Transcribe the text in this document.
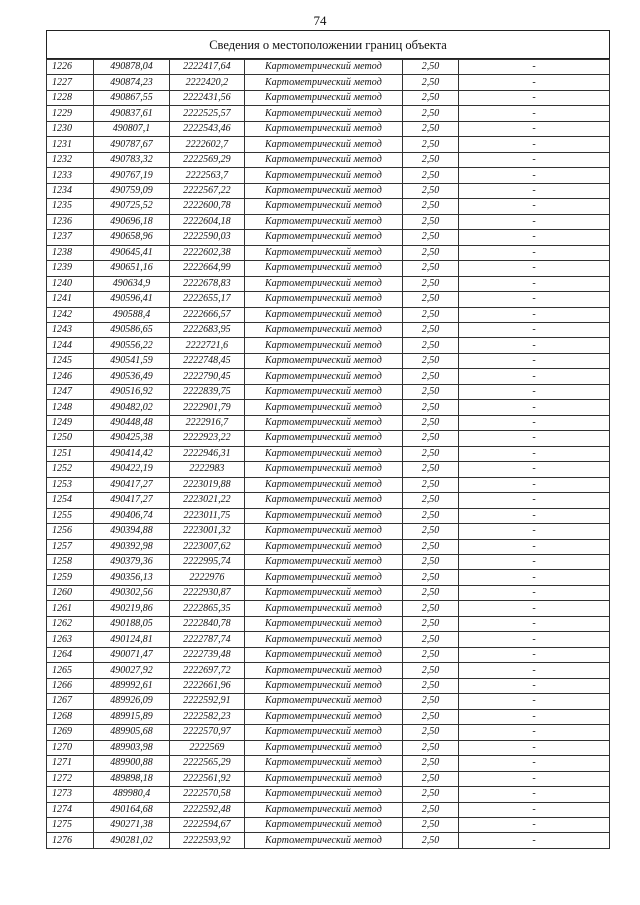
74
Сведения о местоположении границ объекта
1226	490878,04	2222417,64	Картометрический метод	2,50	-
1227	490874,23	2222420,2	Картометрический метод	2,50	-
1228	490867,55	2222431,56	Картометрический метод	2,50	-
1229	490837,61	2222525,57	Картометрический метод	2,50	-
1230	490807,1	2222543,46	Картометрический метод	2,50	-
1231	490787,67	2222602,7	Картометрический метод	2,50	-
1232	490783,32	2222569,29	Картометрический метод	2,50	-
1233	490767,19	2222563,7	Картометрический метод	2,50	-
1234	490759,09	2222567,22	Картометрический метод	2,50	-
1235	490725,52	2222600,78	Картометрический метод	2,50	-
1236	490696,18	2222604,18	Картометрический метод	2,50	-
1237	490658,96	2222590,03	Картометрический метод	2,50	-
1238	490645,41	2222602,38	Картометрический метод	2,50	-
1239	490651,16	2222664,99	Картометрический метод	2,50	-
1240	490634,9	2222678,83	Картометрический метод	2,50	-
1241	490596,41	2222655,17	Картометрический метод	2,50	-
1242	490588,4	2222666,57	Картометрический метод	2,50	-
1243	490586,65	2222683,95	Картометрический метод	2,50	-
1244	490556,22	2222721,6	Картометрический метод	2,50	-
1245	490541,59	2222748,45	Картометрический метод	2,50	-
1246	490536,49	2222790,45	Картометрический метод	2,50	-
1247	490516,92	2222839,75	Картометрический метод	2,50	-
1248	490482,02	2222901,79	Картометрический метод	2,50	-
1249	490448,48	2222916,7	Картометрический метод	2,50	-
1250	490425,38	2222923,22	Картометрический метод	2,50	-
1251	490414,42	2222946,31	Картометрический метод	2,50	-
1252	490422,19	2222983	Картометрический метод	2,50	-
1253	490417,27	2223019,88	Картометрический метод	2,50	-
1254	490417,27	2223021,22	Картометрический метод	2,50	-
1255	490406,74	2223011,75	Картометрический метод	2,50	-
1256	490394,88	2223001,32	Картометрический метод	2,50	-
1257	490392,98	2223007,62	Картометрический метод	2,50	-
1258	490379,36	2222995,74	Картометрический метод	2,50	-
1259	490356,13	2222976	Картометрический метод	2,50	-
1260	490302,56	2222930,87	Картометрический метод	2,50	-
1261	490219,86	2222865,35	Картометрический метод	2,50	-
1262	490188,05	2222840,78	Картометрический метод	2,50	-
1263	490124,81	2222787,74	Картометрический метод	2,50	-
1264	490071,47	2222739,48	Картометрический метод	2,50	-
1265	490027,92	2222697,72	Картометрический метод	2,50	-
1266	489992,61	2222661,96	Картометрический метод	2,50	-
1267	489926,09	2222592,91	Картометрический метод	2,50	-
1268	489915,89	2222582,23	Картометрический метод	2,50	-
1269	489905,68	2222570,97	Картометрический метод	2,50	-
1270	489903,98	2222569	Картометрический метод	2,50	-
1271	489900,88	2222565,29	Картометрический метод	2,50	-
1272	489898,18	2222561,92	Картометрический метод	2,50	-
1273	489980,4	2222570,58	Картометрический метод	2,50	-
1274	490164,68	2222592,48	Картометрический метод	2,50	-
1275	490271,38	2222594,67	Картометрический метод	2,50	-
1276	490281,02	2222593,92	Картометрический метод	2,50	-
